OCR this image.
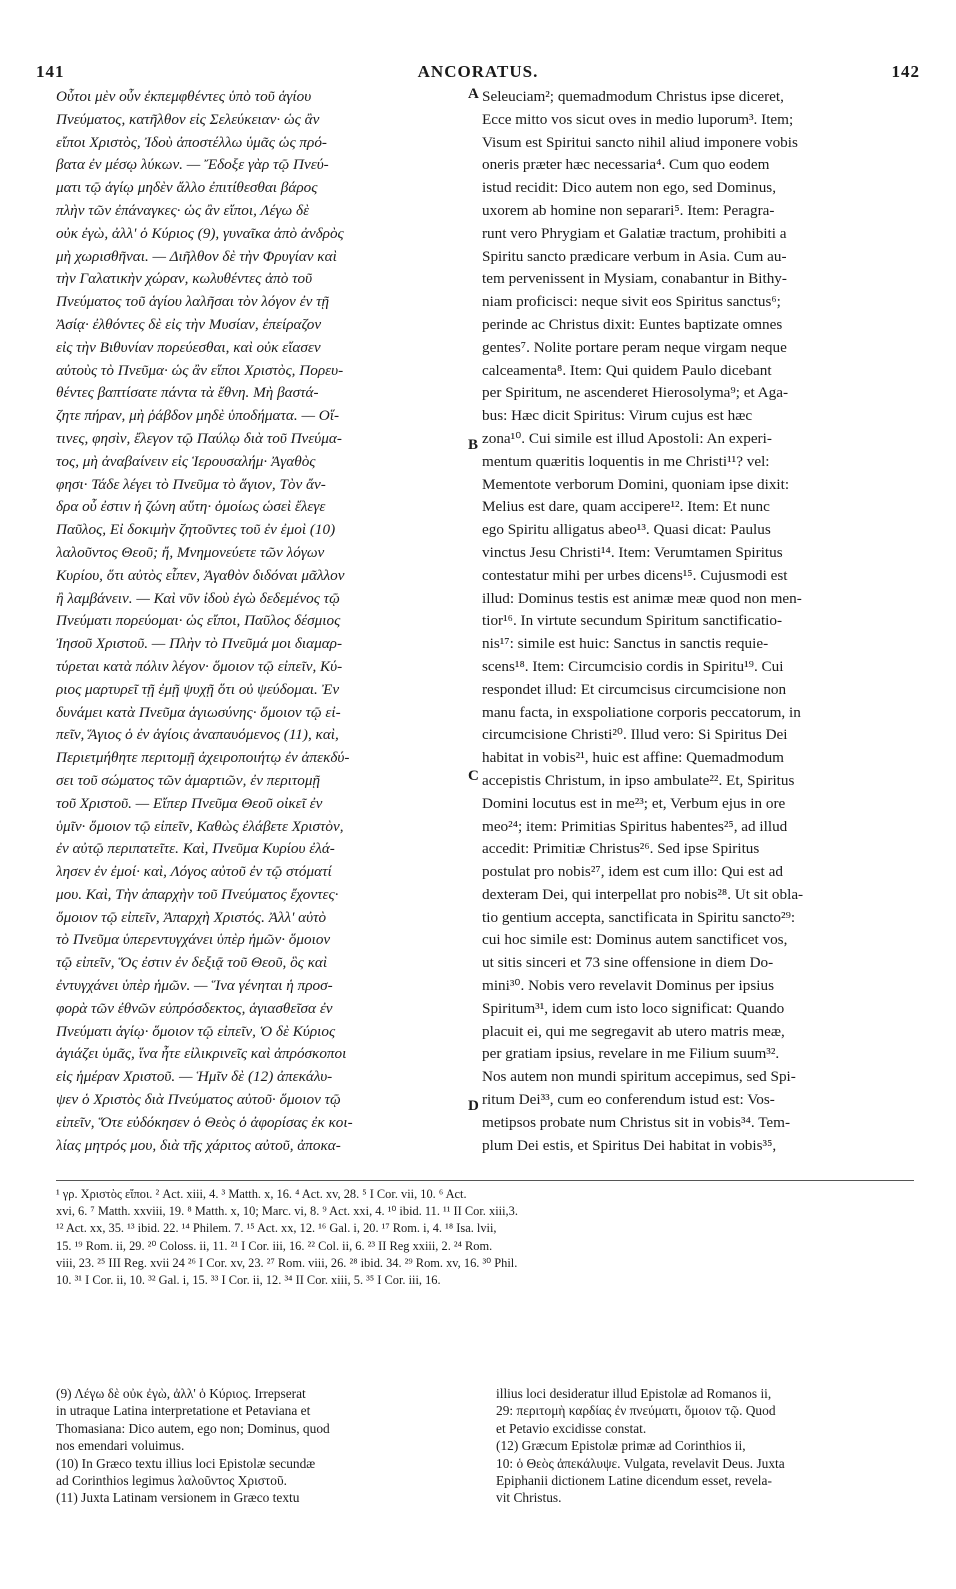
141	ANCORATUS.	142
Οὗτοι μὲν οὖν ἐκπεμφθέντες ὑπὸ τοῦ ἁγίου
Πνεύματος, κατῆλθον εἰς Σελεύκειαν· ὡς ἂν
εἴποι Χριστὸς, Ἰδοὺ ἀποστέλλω ὑμᾶς ὡς πρό-
βατα ἐν μέσῳ λύκων. — Ἔδοξε γὰρ τῷ Πνεύ-
ματι τῷ ἁγίῳ μηδὲν ἄλλο ἐπιτίθεσθαι βάρος
πλὴν τῶν ἐπάναγκες· ὡς ἂν εἴποι, Λέγω δὲ
οὐκ ἐγὼ, ἀλλ' ὁ Κύριος (9), γυναῖκα ἀπὸ ἀνδρὸς
μὴ χωρισθῆναι. — Διῆλθον δὲ τὴν Φρυγίαν καὶ
τὴν Γαλατικὴν χώραν, κωλυθέντες ἀπὸ τοῦ
Πνεύματος τοῦ ἁγίου λαλῆσαι τὸν λόγον ἐν τῇ
Ἀσίᾳ· ἐλθόντες δὲ εἰς τὴν Μυσίαν, ἐπείραζον
εἰς τὴν Βιθυνίαν πορεύεσθαι, καὶ οὐκ εἴασεν
αὐτοὺς τὸ Πνεῦμα· ὡς ἂν εἴποι Χριστὸς, Πορευ-
θέντες βαπτίσατε πάντα τὰ ἔθνη. Μὴ βαστά-
ζητε πήραν, μὴ ῥάβδον μηδὲ ὑποδήματα. — Οἵ-
τινες, φησὶν, ἔλεγον τῷ Παύλῳ διὰ τοῦ Πνεύμα-
τος, μὴ ἀναβαίνειν εἰς Ἱερουσαλήμ· Ἀγαθὸς
φησι· Τάδε λέγει τὸ Πνεῦμα τὸ ἅγιον, Τὸν ἄν-
δρα οὗ ἐστιν ἡ ζώνη αὕτη· ὁμοίως ὡσεὶ ἔλεγε
Παῦλος, Εἰ δοκιμὴν ζητοῦντες τοῦ ἐν ἐμοὶ (10)
λαλοῦντος Θεοῦ; ἤ, Μνημονεύετε τῶν λόγων
Κυρίου, ὅτι αὐτὸς εἶπεν, Ἀγαθὸν διδόναι μᾶλλον
ἢ λαμβάνειν. — Καὶ νῦν ἰδοὺ ἐγὼ δεδεμένος τῷ
Πνεύματι πορεύομαι· ὡς εἴποι, Παῦλος δέσμιος
Ἰησοῦ Χριστοῦ. — Πλὴν τὸ Πνεῦμά μοι διαμαρ-
τύρεται κατὰ πόλιν λέγον· ὅμοιον τῷ εἰπεῖν, Κύ-
ριος μαρτυρεῖ τῇ ἐμῇ ψυχῇ ὅτι οὐ ψεύδομαι. Ἐν
δυνάμει κατὰ Πνεῦμα ἁγιωσύνης· ὅμοιον τῷ εἰ-
πεῖν, Ἅγιος ὁ ἐν ἁγίοις ἀναπαυόμενος (11), καὶ,
Περιετμήθητε περιτομῇ ἀχειροποιήτῳ ἐν ἀπεκδύ-
σει τοῦ σώματος τῶν ἁμαρτιῶν, ἐν περιτομῇ
τοῦ Χριστοῦ. — Εἴπερ Πνεῦμα Θεοῦ οἰκεῖ ἐν
ὑμῖν· ὅμοιον τῷ εἰπεῖν, Καθὼς ἐλάβετε Χριστὸν,
ἐν αὐτῷ περιπατεῖτε. Καὶ, Πνεῦμα Κυρίου ἐλά-
λησεν ἐν ἐμοί· καὶ, Λόγος αὐτοῦ ἐν τῷ στόματί
μου. Καὶ, Τὴν ἀπαρχὴν τοῦ Πνεύματος ἔχοντες·
ὅμοιον τῷ εἰπεῖν, Ἀπαρχὴ Χριστός. Ἀλλ' αὐτὸ
τὸ Πνεῦμα ὑπερεντυγχάνει ὑπὲρ ἡμῶν· ὅμοιον
τῷ εἰπεῖν, Ὅς ἐστιν ἐν δεξιᾷ τοῦ Θεοῦ, ὃς καὶ
ἐντυγχάνει ὑπὲρ ἡμῶν. — Ἵνα γένηται ἡ προσ-
φορὰ τῶν ἐθνῶν εὐπρόσδεκτος, ἁγιασθεῖσα ἐν
Πνεύματι ἁγίῳ· ὅμοιον τῷ εἰπεῖν, Ὁ δὲ Κύριος
ἁγιάζει ὑμᾶς, ἵνα ἦτε εἰλικρινεῖς καὶ ἀπρόσκοποι
εἰς ἡμέραν Χριστοῦ. — Ἡμῖν δὲ (12) ἀπεκάλυ-
ψεν ὁ Χριστὸς διὰ Πνεύματος αὐτοῦ· ὅμοιον τῷ
εἰπεῖν, Ὅτε εὐδόκησεν ὁ Θεὸς ὁ ἀφορίσας ἐκ κοι-
λίας μητρός μου, διὰ τῆς χάριτος αὐτοῦ, ἀποκα-
Seleuciam²; quemadmodum Christus ipse diceret,
Ecce mitto vos sicut oves in medio luporum³. Item;
Visum est Spiritui sancto nihil aliud imponere vobis
oneris præter hæc necessaria⁴. Cum quo eodem
istud recidit: Dico autem non ego, sed Dominus,
uxorem ab homine non separari⁵. Item: Peragra-
runt vero Phrygiam et Galatiæ tractum, prohibiti a
Spiritu sancto prædicare verbum in Asia. Cum au-
tem pervenissent in Mysiam, conabantur in Bithy-
niam proficisci: neque sivit eos Spiritus sanctus⁶;
perinde ac Christus dixit: Euntes baptizate omnes
gentes⁷. Nolite portare peram neque virgam neque
calceamenta⁸. Item: Qui quidem Paulo dicebant
per Spiritum, ne ascenderet Hierosolyma⁹; et Aga-
bus: Hæc dicit Spiritus: Virum cujus est hæc
zona¹⁰. Cui simile est illud Apostoli: An experi-
mentum quæritis loquentis in me Christi¹¹? vel:
Mementote verborum Domini, quoniam ipse dixit:
Melius est dare, quam accipere¹². Item: Et nunc
ego Spiritu alligatus abeo¹³. Quasi dicat: Paulus
vinctus Jesu Christi¹⁴. Item: Verumtamen Spiritus
contestatur mihi per urbes dicens¹⁵. Cujusmodi est
illud: Dominus testis est animæ meæ quod non men-
tior¹⁶. In virtute secundum Spiritum sanctificatio-
nis¹⁷: simile est huic: Sanctus in sanctis requie-
scens¹⁸. Item: Circumcisio cordis in Spiritu¹⁹. Cui
respondet illud: Et circumcisus circumcisione non
manu facta, in exspoliatione corporis peccatorum, in
circumcisione Christi²⁰. Illud vero: Si Spiritus Dei
habitat in vobis²¹, huic est affine: Quemadmodum
accepistis Christum, in ipso ambulate²². Et, Spiritus
Domini locutus est in me²³; et, Verbum ejus in ore
meo²⁴; item: Primitias Spiritus habentes²⁵, ad illud
accedit: Primitiæ Christus²⁶. Sed ipse Spiritus
postulat pro nobis²⁷, idem est cum illo: Qui est ad
dexteram Dei, qui interpellat pro nobis²⁸. Ut sit obla-
tio gentium accepta, sanctificata in Spiritu sancto²⁹:
cui hoc simile est: Dominus autem sanctificet vos,
ut sitis sinceri et 73 sine offensione in diem Do-
mini³⁰. Nobis vero revelavit Dominus per ipsius
Spiritum³¹, idem cum isto loco significat: Quando
placuit ei, qui me segregavit ab utero matris meæ,
per gratiam ipsius, revelare in me Filium suum³².
Nos autem non mundi spiritum accepimus, sed Spi-
ritum Dei³³, cum eo conferendum istud est: Vos-
metipsos probate num Christus sit in vobis³⁴. Tem-
plum Dei estis, et Spiritus Dei habitat in vobis³⁵,
A
B
C
D
¹ γρ. Χριστὸς εἴποι. ² Act. xiii, 4. ³ Matth. x, 16. ⁴ Act. xv, 28. ⁵ I Cor. vii, 10. ⁶ Act.
xvi, 6. ⁷ Matth. xxviii, 19. ⁸ Matth. x, 10; Marc. vi, 8. ⁹ Act. xxi, 4. ¹⁰ ibid. 11. ¹¹ II Cor. xiii,3.
¹² Act. xx, 35. ¹³ ibid. 22. ¹⁴ Philem. 7. ¹⁵ Act. xx, 12. ¹⁶ Gal. i, 20. ¹⁷ Rom. i, 4. ¹⁸ Isa. lvii,
15. ¹⁹ Rom. ii, 29. ²⁰ Coloss. ii, 11. ²¹ I Cor. iii, 16. ²² Col. ii, 6. ²³ II Reg xxiii, 2. ²⁴ Rom.
viii, 23. ²⁵ III Reg. xvii 24 ²⁶ I Cor. xv, 23. ²⁷ Rom. viii, 26. ²⁸ ibid. 34. ²⁹ Rom. xv, 16. ³⁰ Phil.
10. ³¹ I Cor. ii, 10. ³² Gal. i, 15. ³³ I Cor. ii, 12. ³⁴ II Cor. xiii, 5. ³⁵ I Cor. iii, 16.
(9) Λέγω δὲ οὐκ ἐγὼ, ἀλλ' ὁ Κύριος. Irrepserat
in utraque Latina interpretatione et Petaviana et
Thomasiana: Dico autem, ego non; Dominus, quod
nos emendari voluimus.
(10) In Græco textu illius loci Epistolæ secundæ
ad Corinthios legimus λαλοῦντος Χριστοῦ.
(11) Juxta Latinam versionem in Græco textu
illius loci desideratur illud Epistolæ ad Romanos ii,
29: περιτομὴ καρδίας ἐν πνεύματι, ὅμοιον τῷ. Quod
et Petavio excidisse constat.
(12) Græcum Epistolæ primæ ad Corinthios ii,
10: ὁ Θεὸς ἀπεκάλυψε. Vulgata, revelavit Deus. Juxta
Epiphanii dictionem Latine dicendum esset, revela-
vit Christus.
